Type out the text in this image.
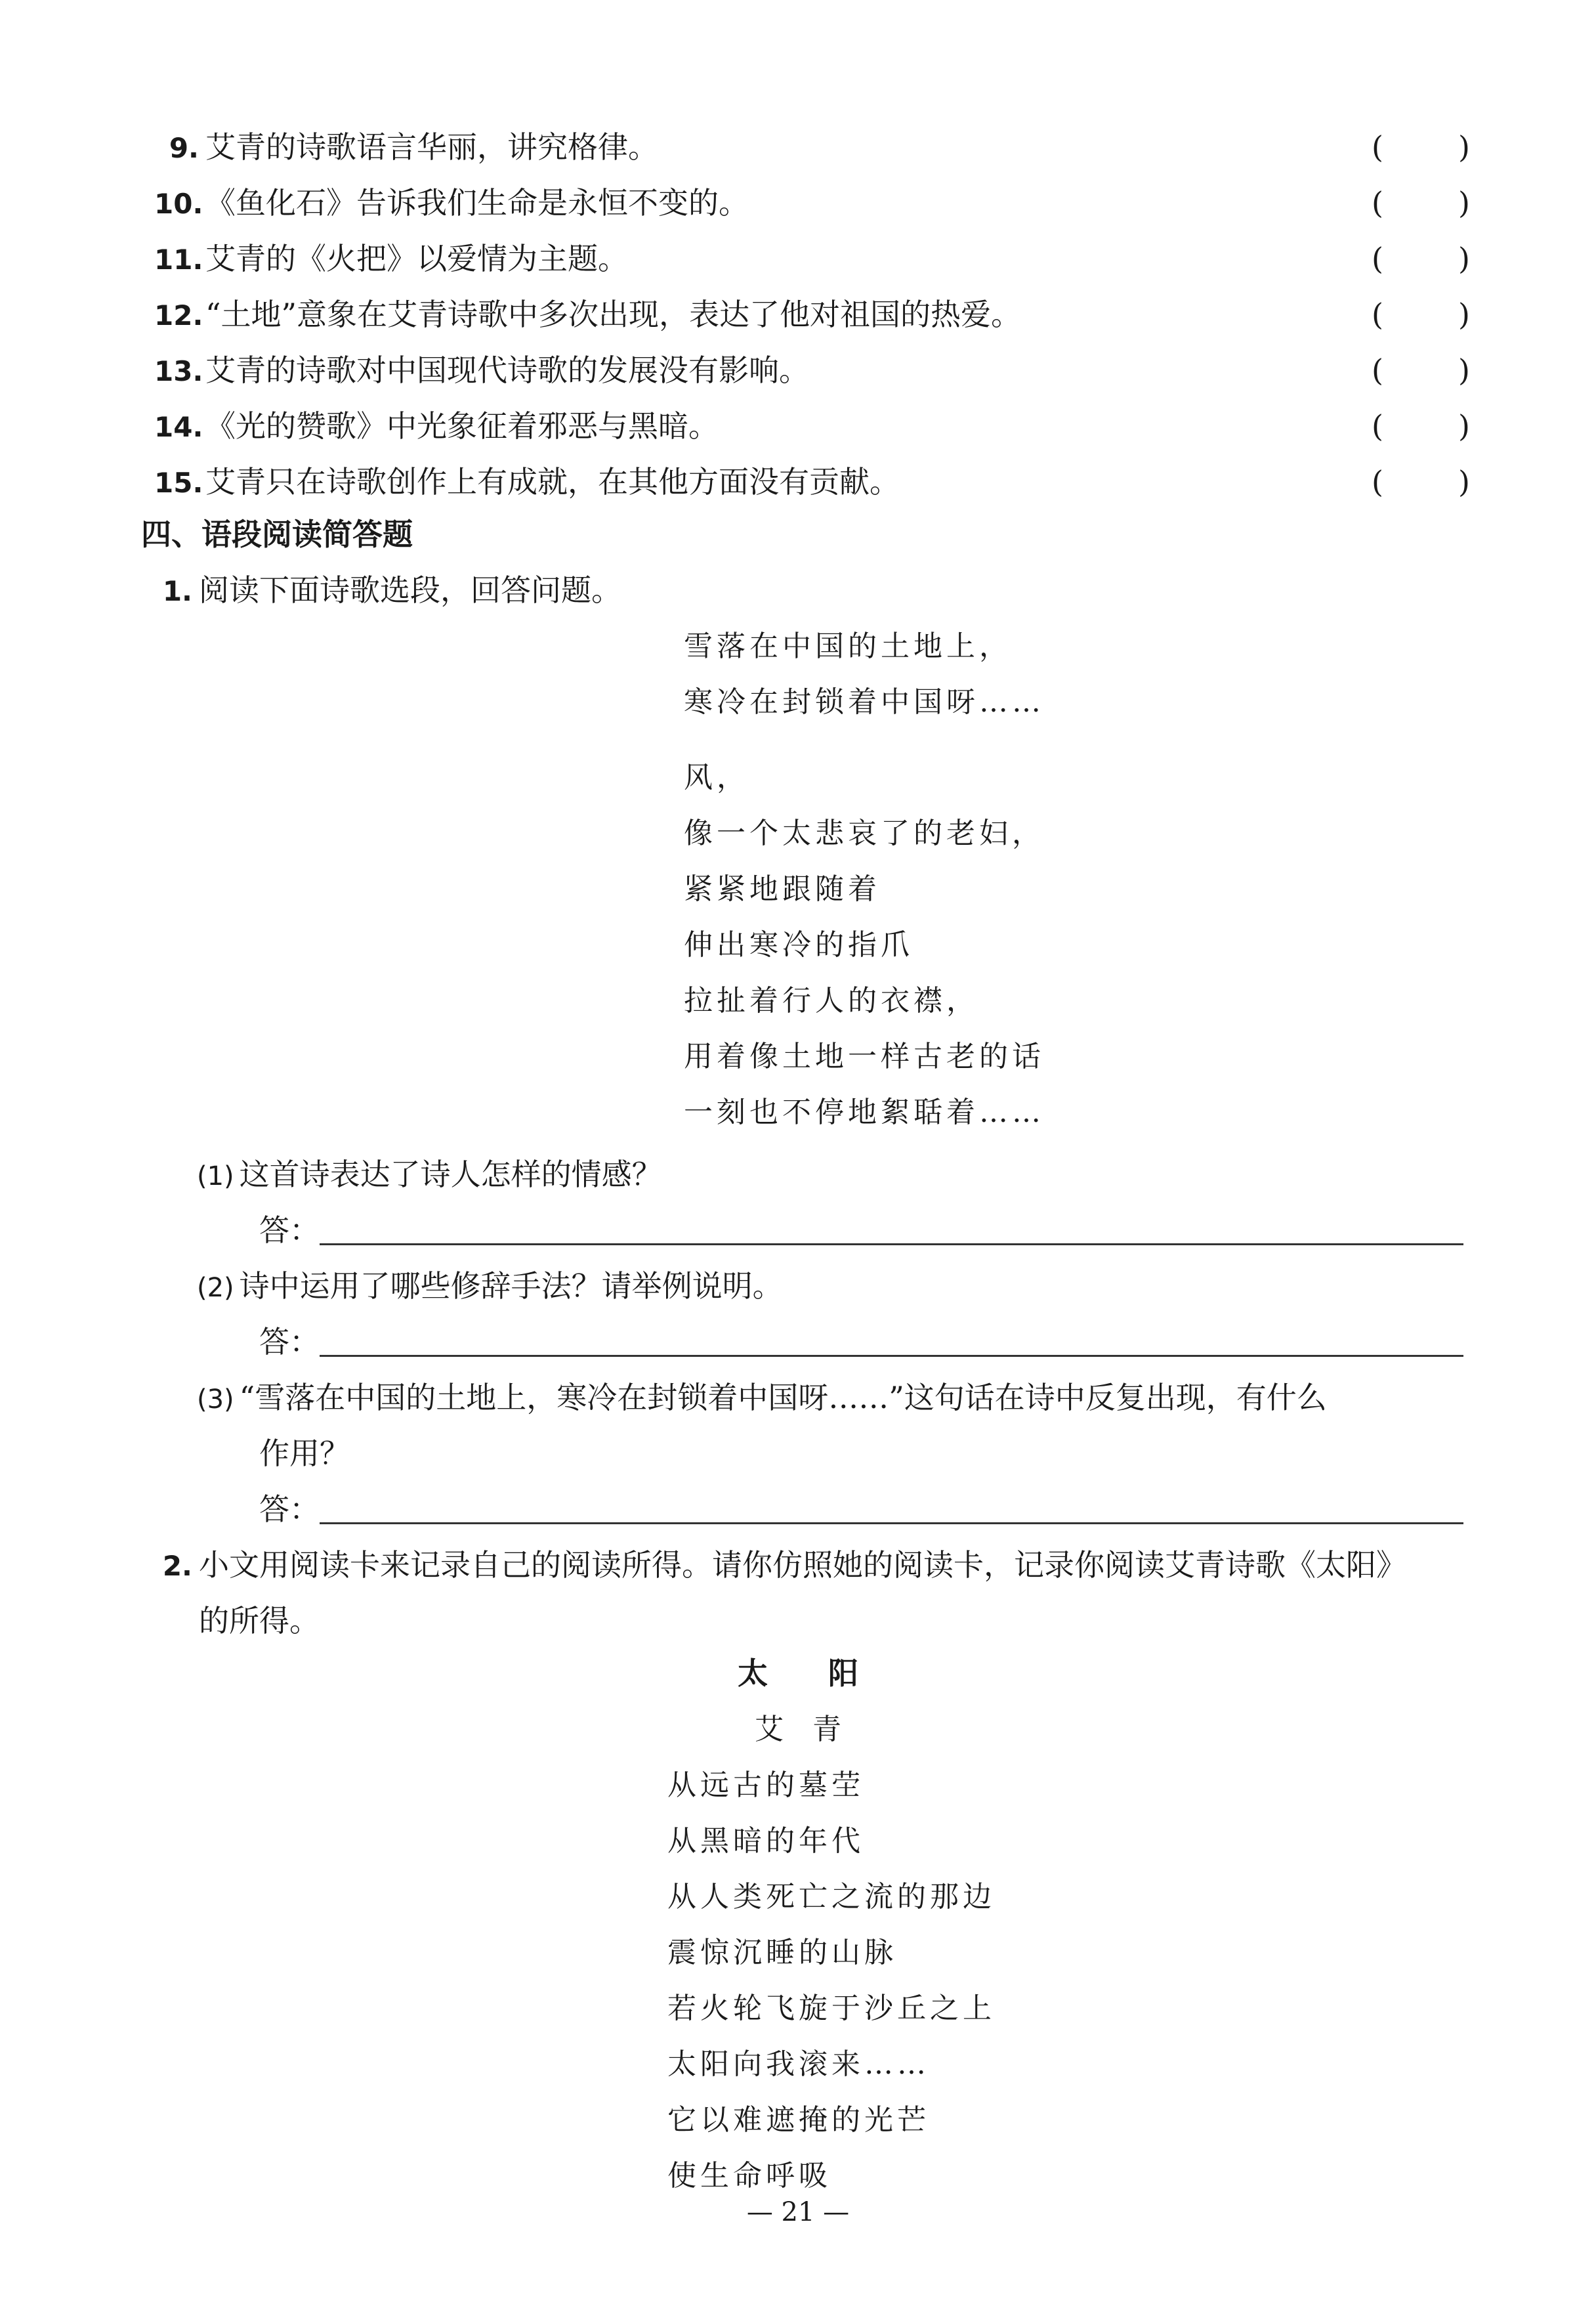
9. 艾青的诗歌语言华丽，讲究格律。	( )
10.《鱼化石》告诉我们生命是永恒不变的。	( )
11.艾青的《火把》以爱情为主题。	( )
12.“土地”意象在艾青诗歌中多次出现，表达了他对祖国的热爱。	( )
13.艾青的诗歌对中国现代诗歌的发展没有影响。	( )
14.《光的赞歌》中光象征着邪恶与黑暗。	( )
15.艾青只在诗歌创作上有成就，在其他方面没有贡献。	( )
四、语段阅读简答题
1. 阅读下面诗歌选段，回答问题。
雪落在中国的土地上，
寒冷在封锁着中国呀……
风，
像一个太悲哀了的老妇，
紧紧地跟随着
伸出寒冷的指爪
拉扯着行人的衣襟，
用着像土地一样古老的话
一刻也不停地絮聒着……
(1) 这首诗表达了诗人怎样的情感？
答：
(2) 诗中运用了哪些修辞手法？请举例说明。
答：
(3) “雪落在中国的土地上，寒冷在封锁着中国呀……”这句话在诗中反复出现，有什么
作用？
答：
2. 小文用阅读卡来记录自己的阅读所得。请你仿照她的阅读卡，记录你阅读艾青诗歌《太阳》
的所得。
太　　阳
艾　青
从远古的墓茔
从黑暗的年代
从人类死亡之流的那边
震惊沉睡的山脉
若火轮飞旋于沙丘之上
太阳向我滚来……
它以难遮掩的光芒
使生命呼吸
— 21 —
